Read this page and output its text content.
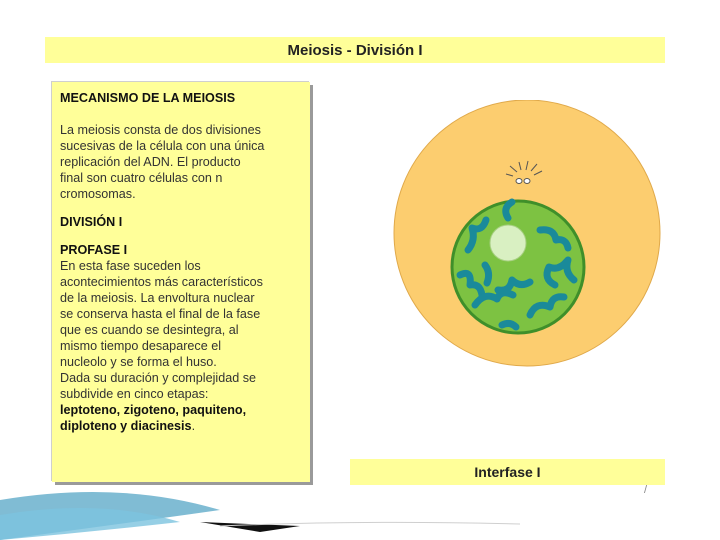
Meiosis - División I
MECANISMO DE LA MEIOSIS

La meiosis consta de dos divisiones
sucesivas de la célula con una única
replicación del ADN. El producto
final son cuatro células con n
cromosomas.

DIVISIÓN I
PROFASE I

En esta fase suceden los
acontecimientos más característicos
de la meiosis. La envoltura nuclear
se conserva hasta el final de la fase
que es cuando se desintegra, al
mismo tiempo desaparece el
nucleolo y se forma el huso.
Dada su duración y complejidad se
subdivide en cinco etapas:
leptoteno, zigoteno, paquiteno,
diploteno y diacinesis.

Interfase I
/
